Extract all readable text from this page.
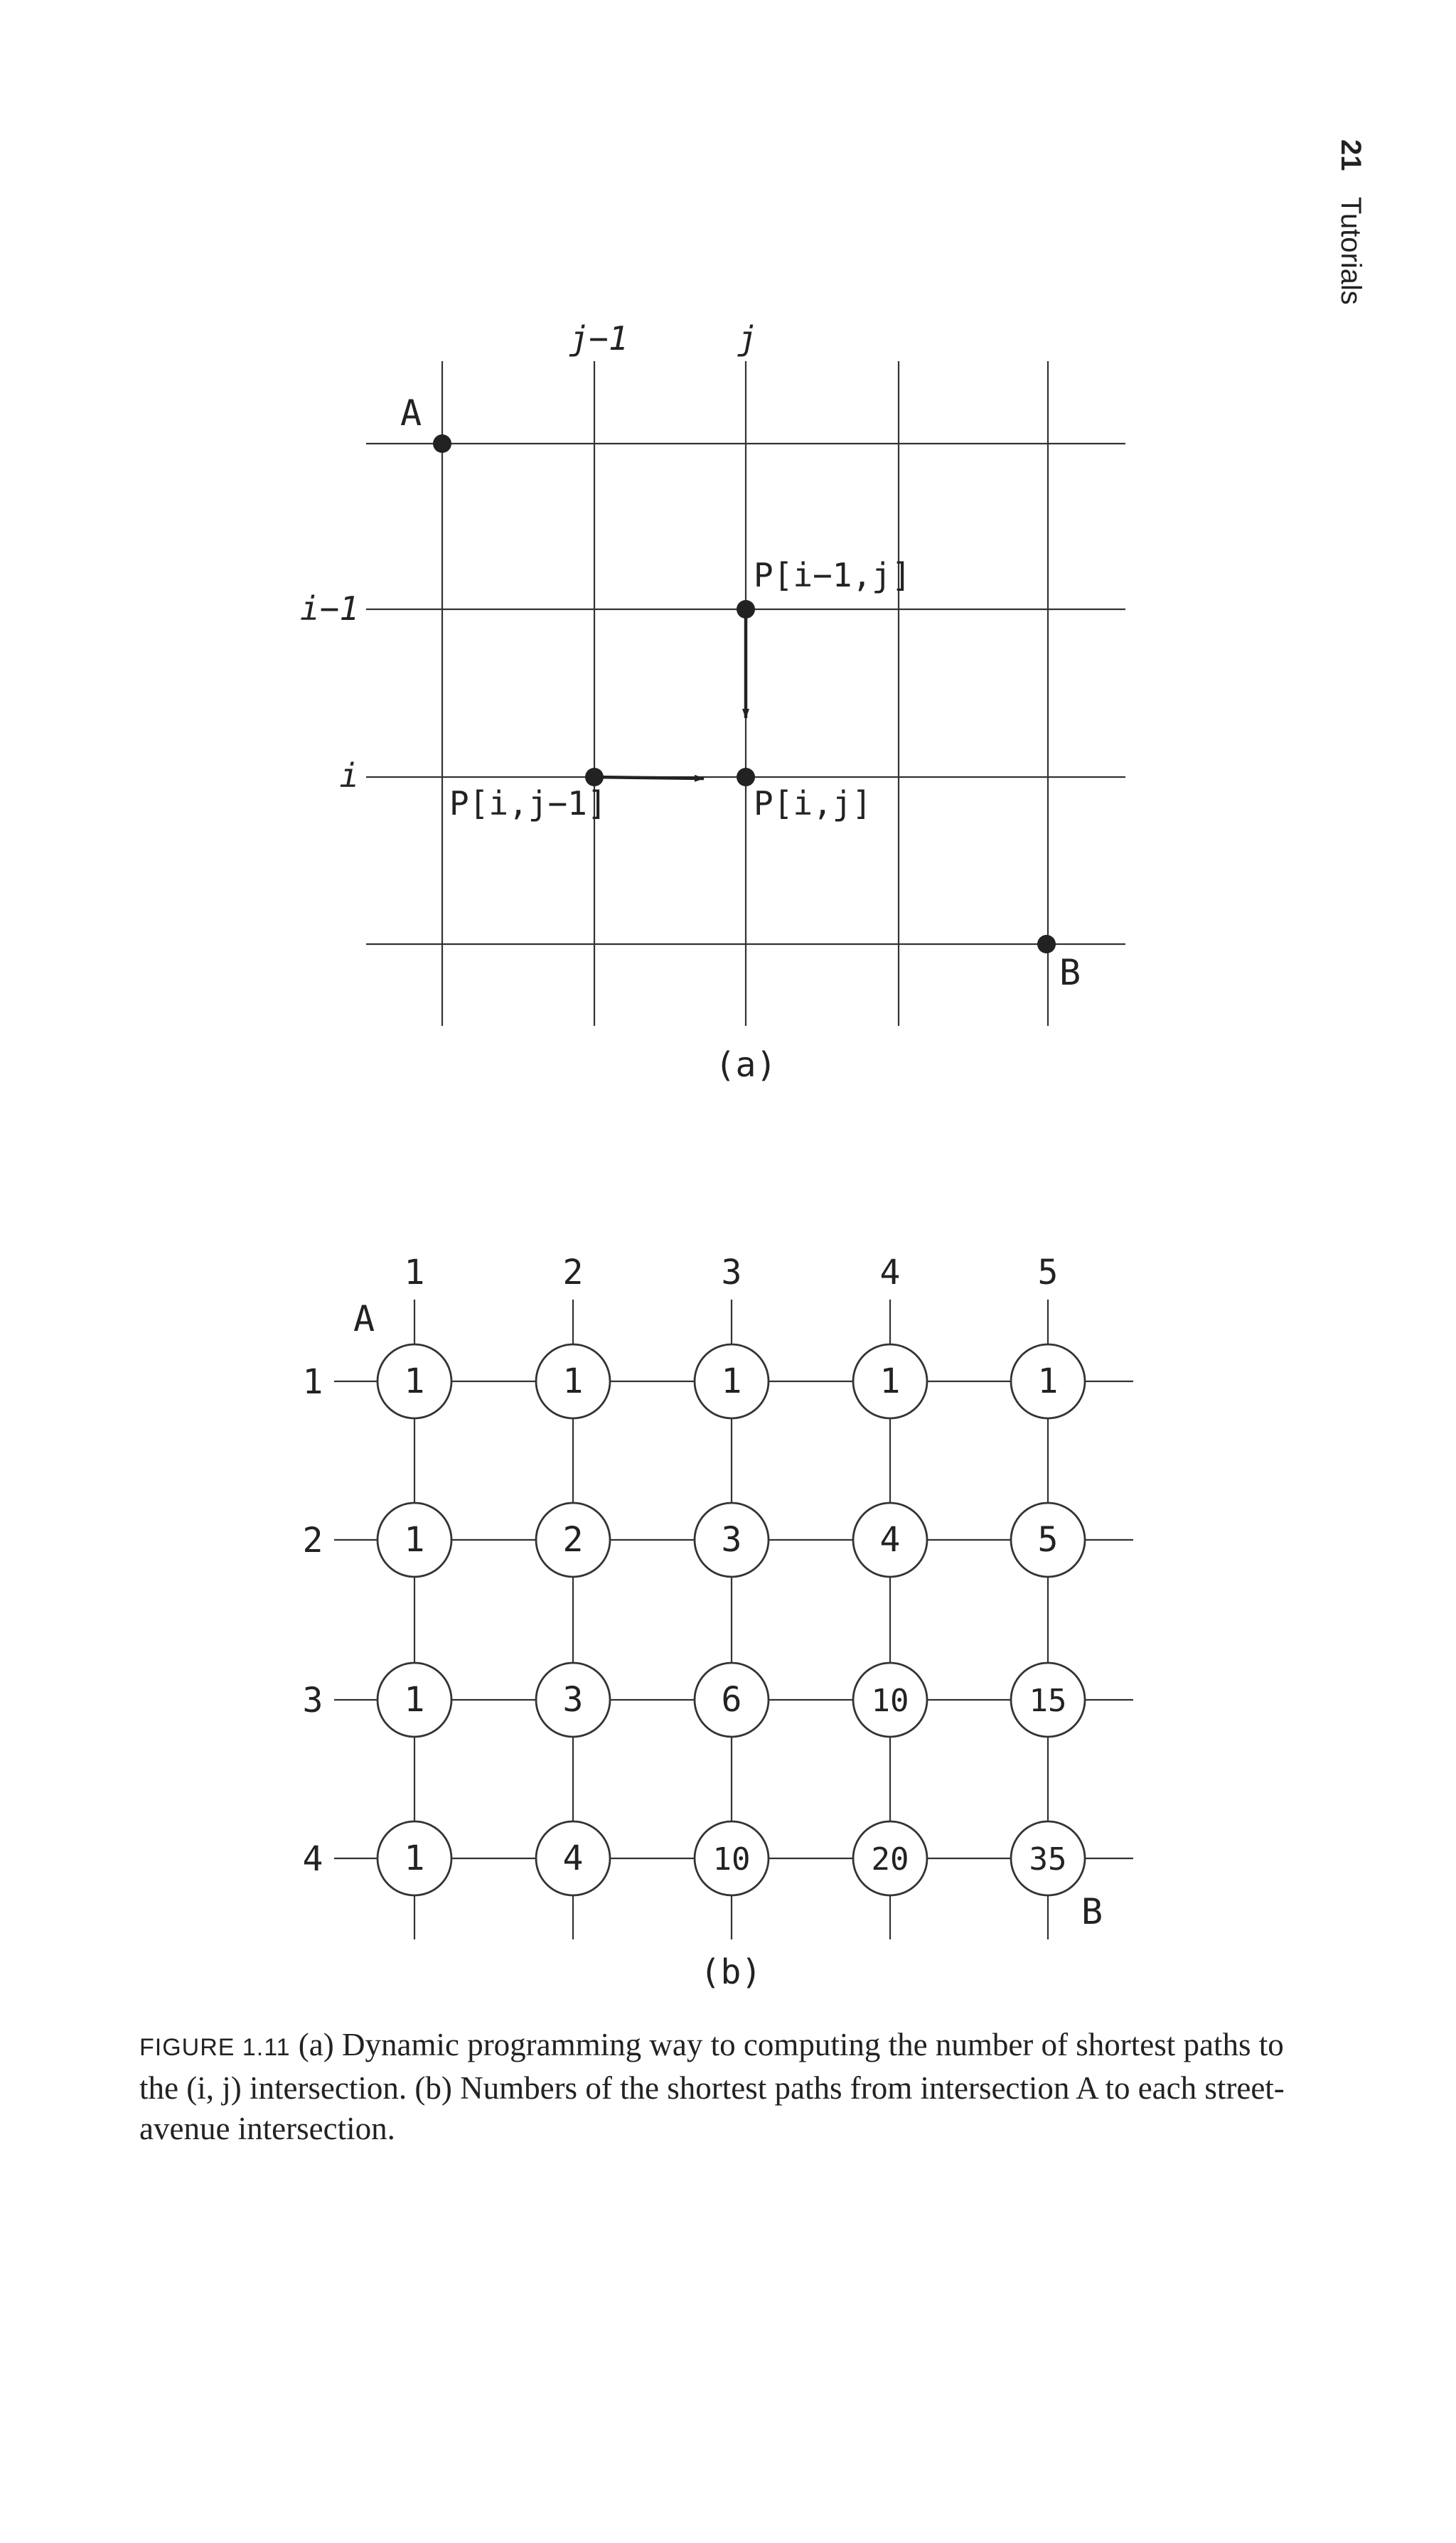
21 Tutorials
j−1	j
i−1
i
A
B
P[i−1,j]
P[i,j−1]	P[i,j]
(a)
1	2	3	4	5
1
2
3
4
1	1	1	1	1
1	2	3	4	5
1	3	6	10	15
1	4	10	20	35
A
B
(b)
FIGURE 1.11 (a) Dynamic programming way to computing the number of shortest paths to the (i, j) intersection. (b) Numbers of the shortest paths from intersection A to each street-avenue intersection.
